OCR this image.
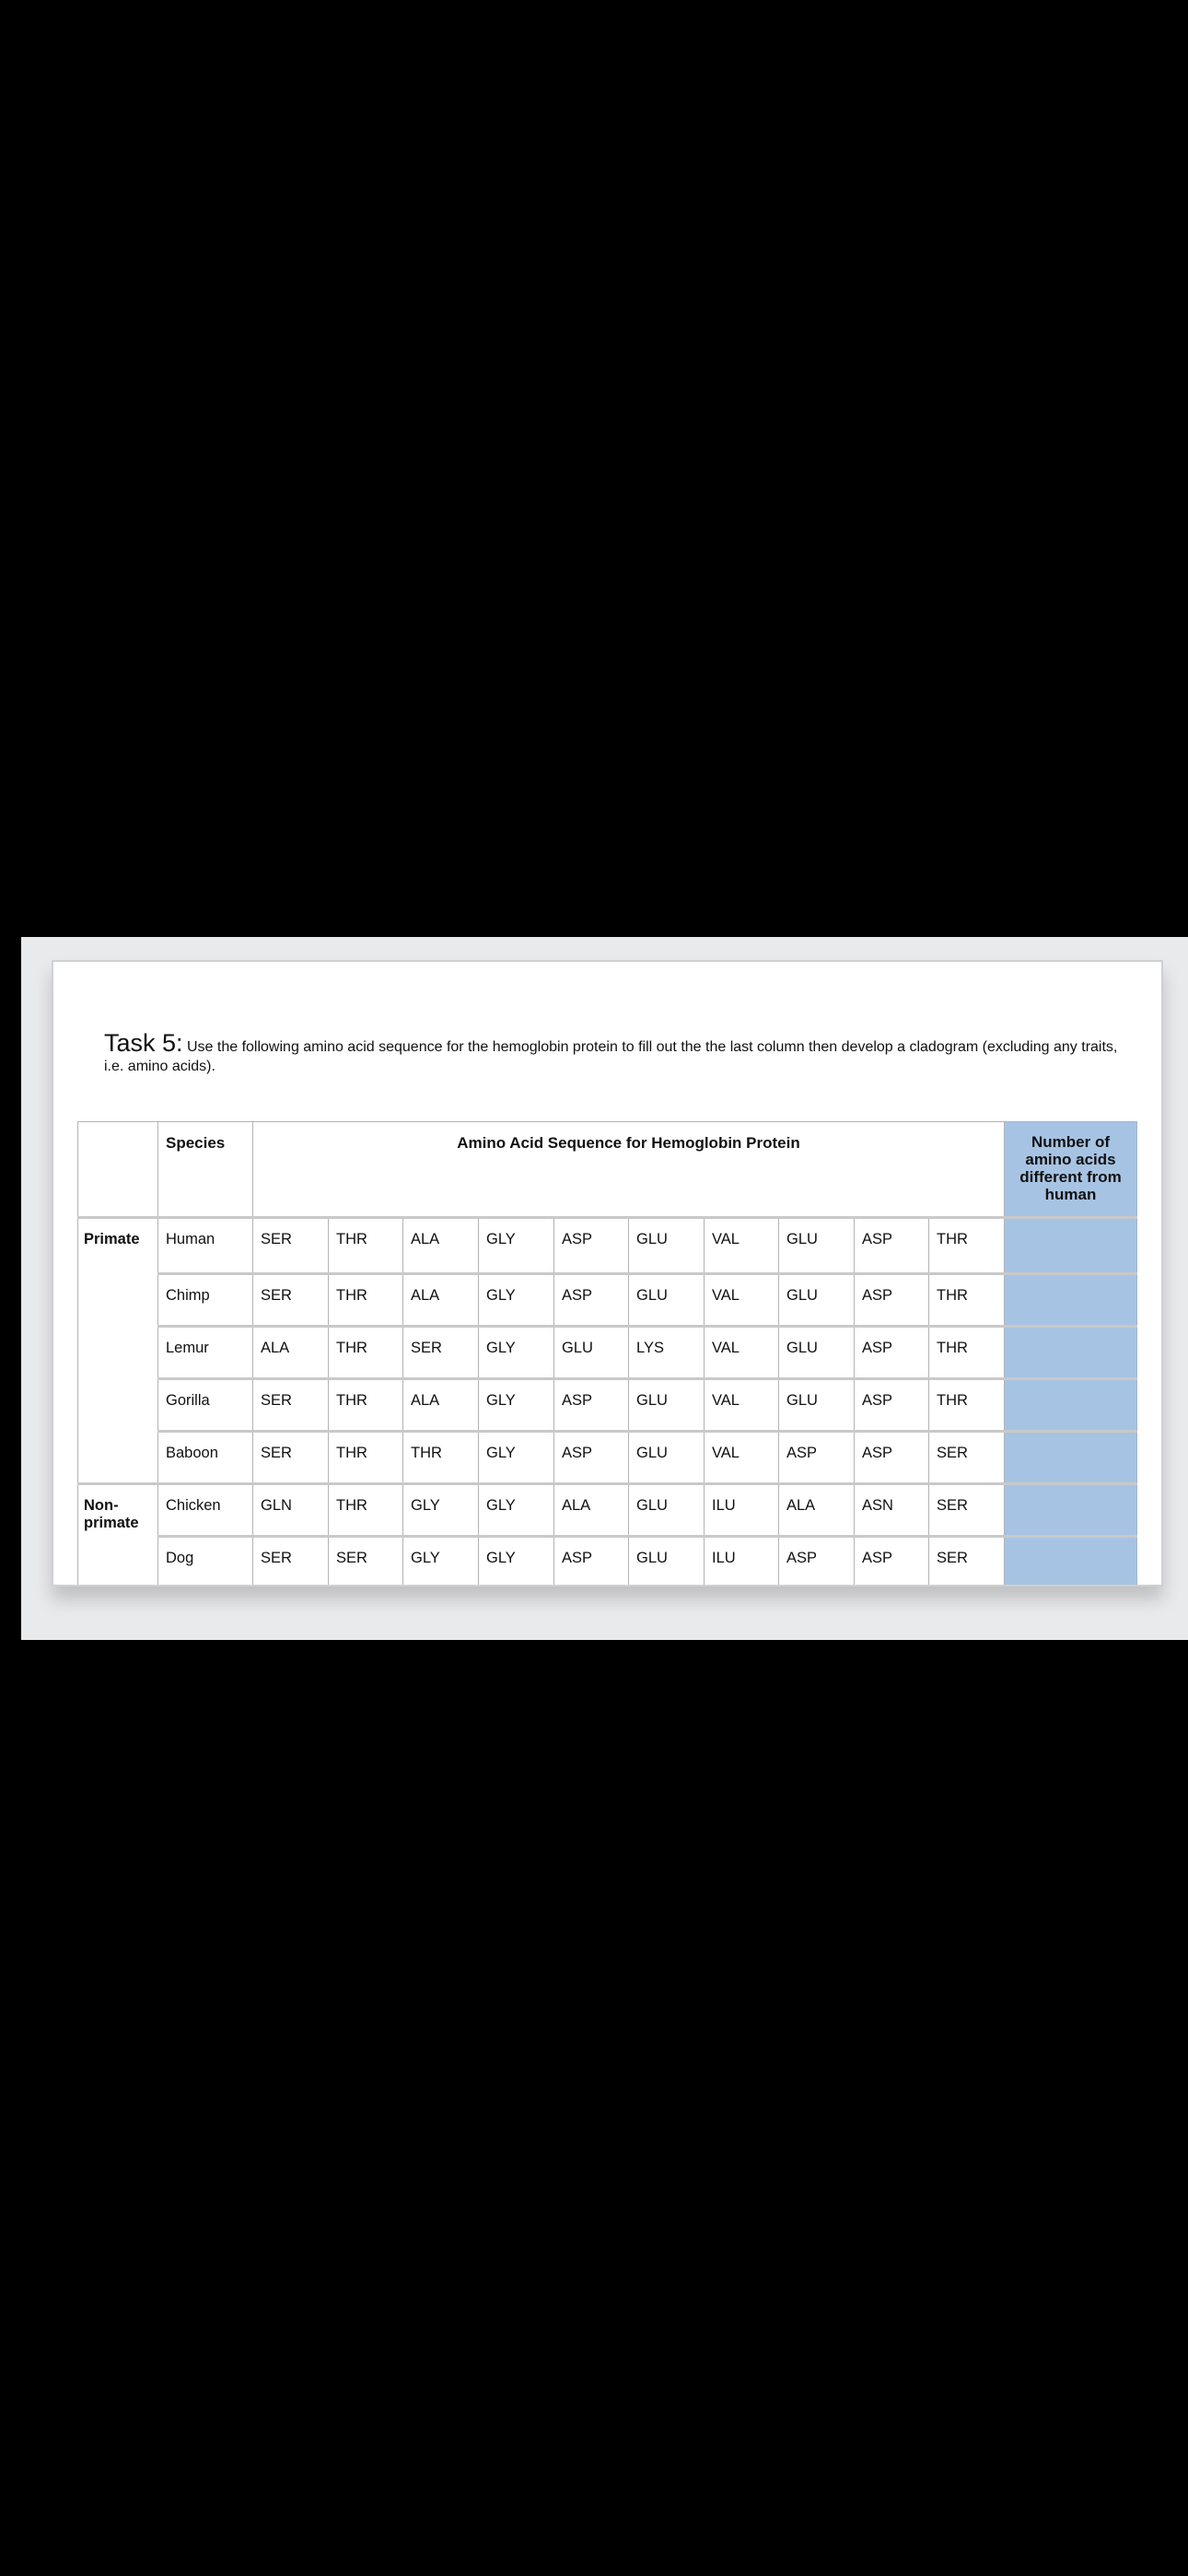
Task 5: Use the following amino acid sequence for the hemoglobin protein to fill out the the last column then develop a cladogram (excluding any traits, i.e. amino acids).
	Species	Amino Acid Sequence for Hemoglobin Protein										Number of amino acids different from human
Primate	Human	SER	THR	ALA	GLY	ASP	GLU	VAL	GLU	ASP	THR	
	Chimp	SER	THR	ALA	GLY	ASP	GLU	VAL	GLU	ASP	THR	
	Lemur	ALA	THR	SER	GLY	GLU	LYS	VAL	GLU	ASP	THR	
	Gorilla	SER	THR	ALA	GLY	ASP	GLU	VAL	GLU	ASP	THR	
	Baboon	SER	THR	THR	GLY	ASP	GLU	VAL	ASP	ASP	SER	
Non-primate	Chicken	GLN	THR	GLY	GLY	ALA	GLU	ILU	ALA	ASN	SER	
	Dog	SER	SER	GLY	GLY	ASP	GLU	ILU	ASP	ASP	SER	
